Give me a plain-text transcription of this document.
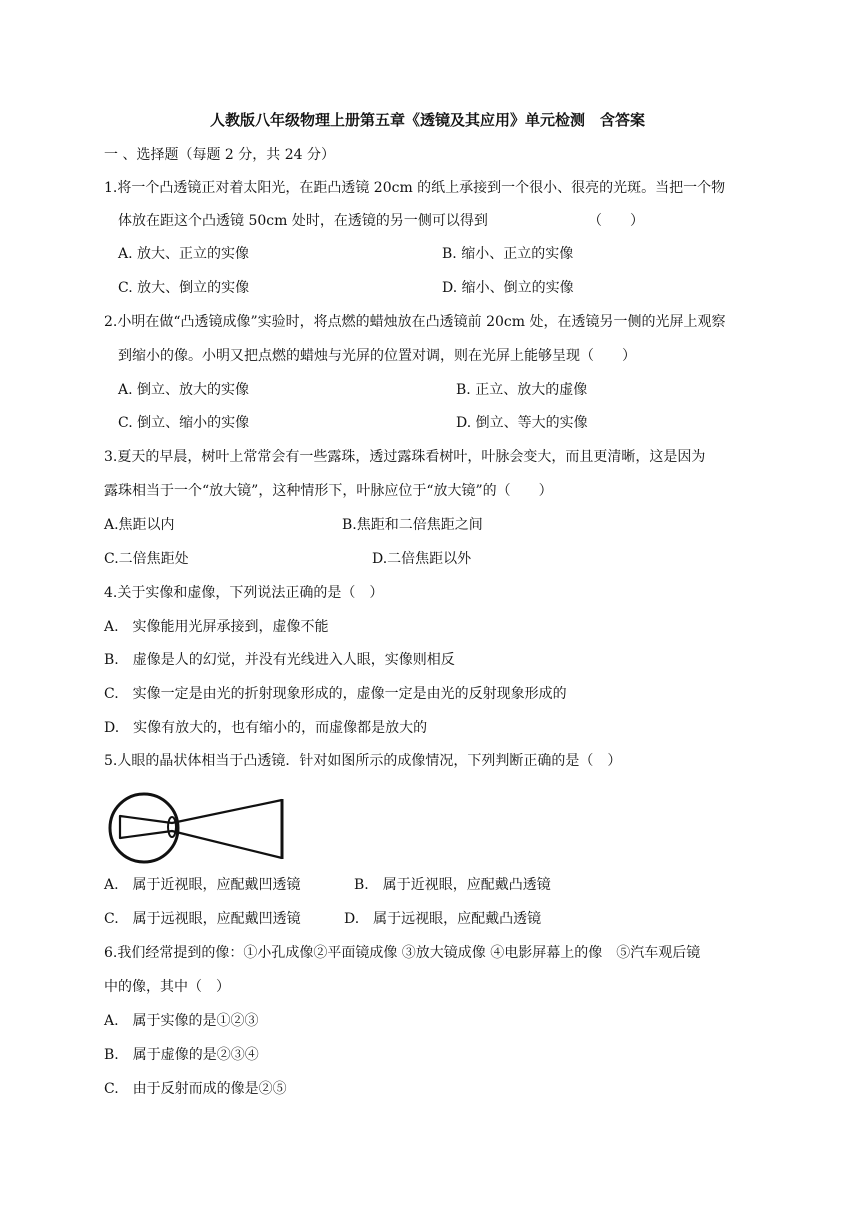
人教版八年级物理上册第五章《透镜及其应用》单元检测　含答案
一 、选择题（每题 2 分，共 24 分）
1.将一个凸透镜正对着太阳光，在距凸透镜 20cm 的纸上承接到一个很小、很亮的光斑。当把一个物
体放在距这个凸透镜 50cm 处时，在透镜的另一侧可以得到	（　　）
A. 放大、正立的实像	B. 缩小、正立的实像
C. 放大、倒立的实像	D. 缩小、倒立的实像
2.小明在做“凸透镜成像”实验时，将点燃的蜡烛放在凸透镜前 20cm 处，在透镜另一侧的光屏上观察
到缩小的像。小明又把点燃的蜡烛与光屏的位置对调，则在光屏上能够呈现（　　）
A. 倒立、放大的实像	B. 正立、放大的虚像
C. 倒立、缩小的实像	D. 倒立、等大的实像
3.夏天的早晨，树叶上常常会有一些露珠，透过露珠看树叶，叶脉会变大，而且更清晰，这是因为
露珠相当于一个“放大镜”，这种情形下，叶脉应位于“放大镜”的（　　）
A.焦距以内	B.焦距和二倍焦距之间
C.二倍焦距处	D.二倍焦距以外
4.关于实像和虚像，下列说法正确的是（　）
A.　实像能用光屏承接到，虚像不能
B.　虚像是人的幻觉，并没有光线进入人眼，实像则相反
C.　实像一定是由光的折射现象形成的，虚像一定是由光的反射现象形成的
D.　实像有放大的，也有缩小的，而虚像都是放大的
5.人眼的晶状体相当于凸透镜．针对如图所示的成像情况，下列判断正确的是（　）
A.　属于近视眼，应配戴凹透镜	B.　属于近视眼，应配戴凸透镜
C.　属于远视眼，应配戴凹透镜	D.　属于远视眼，应配戴凸透镜
6.我们经常提到的像：①小孔成像②平面镜成像 ③放大镜成像 ④电影屏幕上的像　⑤汽车观后镜
中的像，其中（　）
A.　属于实像的是①②③
B.　属于虚像的是②③④
C.　由于反射而成的像是②⑤
